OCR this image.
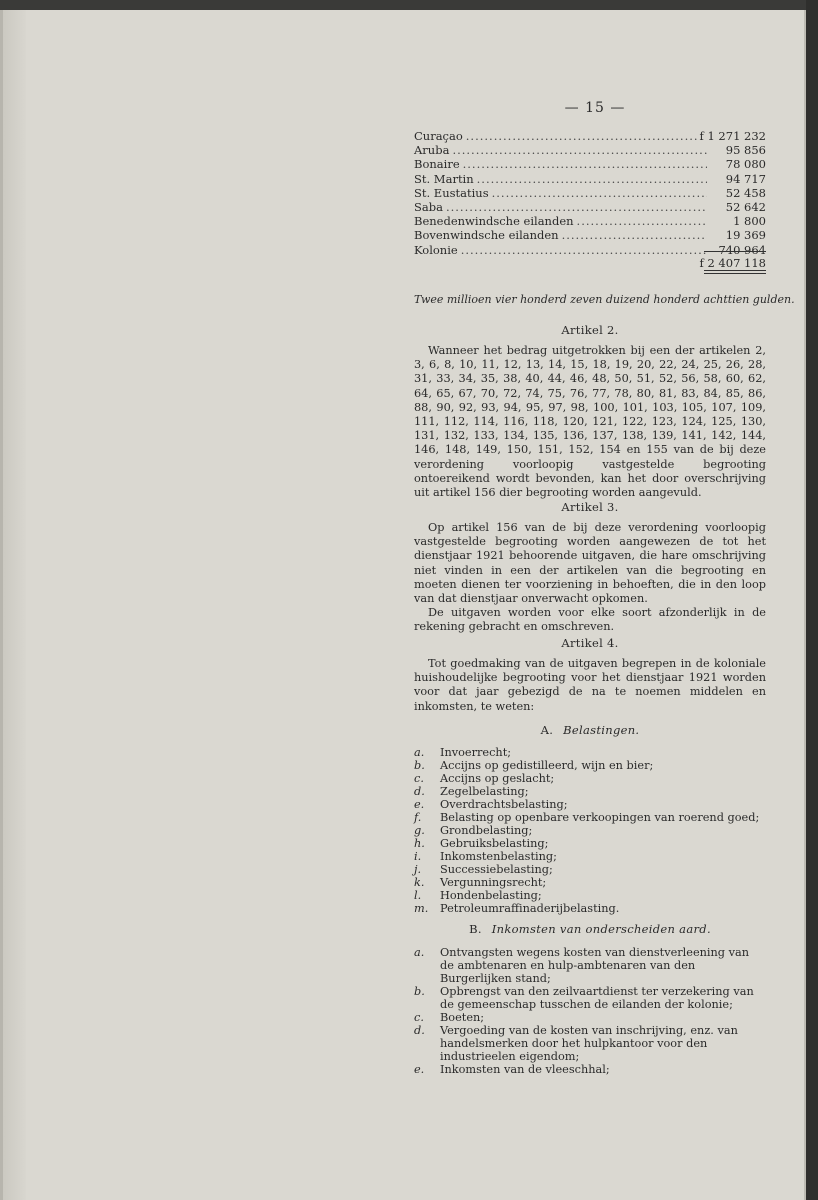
— 15 —
Curaçao .....	f 1 271 232
Aruba .....	95 856
Bonaire .....	78 080
St. Martin .....	94 717
St. Eustatius .....	52 458
Saba .....	52 642
Benedenwindsche eilanden .....	1 800
Bovenwindsche eilanden .....	19 369
Kolonie .....	740 964
f 2 407 118
Twee millioen vier honderd zeven duizend honderd achttien gulden.
Artikel 2.

Wanneer het bedrag uitgetrokken bij een der artikelen 2, 3, 6, 8, 10, 11, 12, 13, 14, 15, 18, 19, 20, 22, 24, 25, 26, 28, 31, 33, 34, 35, 38, 40, 44, 46, 48, 50, 51, 52, 56, 58, 60, 62, 64, 65, 67, 70, 72, 74, 75, 76, 77, 78, 80, 81, 83, 84, 85, 86, 88, 90, 92, 93, 94, 95, 97, 98, 100, 101, 103, 105, 107, 109, 111, 112, 114, 116, 118, 120, 121, 122, 123, 124, 125, 130, 131, 132, 133, 134, 135, 136, 137, 138, 139, 141, 142, 144, 146, 148, 149, 150, 151, 152, 154 en 155 van de bij deze verordening voorloopig vastgestelde begrooting ontoereikend wordt bevonden, kan het door overschrijving uit artikel 156 dier begrooting worden aangevuld.

Artikel 3.

Op artikel 156 van de bij deze verordening voorloopig vastgestelde begrooting worden aangewezen de tot het dienstjaar 1921 behoorende uitgaven, die hare omschrijving niet vinden in een der artikelen van die begrooting en moeten dienen ter voorziening in behoeften, die in den loop van dat dienstjaar onverwacht opkomen.

De uitgaven worden voor elke soort afzonderlijk in de rekening gebracht en omschreven.

Artikel 4.

Tot goedmaking van de uitgaven begrepen in de koloniale huishoudelijke begrooting voor het dienstjaar 1921 worden voor dat jaar gebezigd de na te noemen middelen en inkomsten, te weten:

A. Belastingen.
a.	Invoerrecht;
b.	Accijns op gedistilleerd, wijn en bier;
c.	Accijns op geslacht;
d.	Zegelbelasting;
e.	Overdrachtsbelasting;
f.	Belasting op openbare verkoopingen van roerend goed;
g.	Grondbelasting;
h.	Gebruiksbelasting;
i.	Inkomstenbelasting;
j.	Successiebelasting;
k.	Vergunningsrecht;
l.	Hondenbelasting;
m.	Petroleumraffinaderijbelasting.
B. Inkomsten van onderscheiden aard.
a.	Ontvangsten wegens kosten van dienstverleening van de ambtenaren en hulp-ambtenaren van den Burgerlijken stand;
b.	Opbrengst van den zeilvaartdienst ter verzekering van de gemeenschap tusschen de eilanden der kolonie;
c.	Boeten;
d.	Vergoeding van de kosten van inschrijving, enz. van handelsmerken door het hulpkantoor voor den industrieelen eigendom;
e.	Inkomsten van de vleeschhal;
